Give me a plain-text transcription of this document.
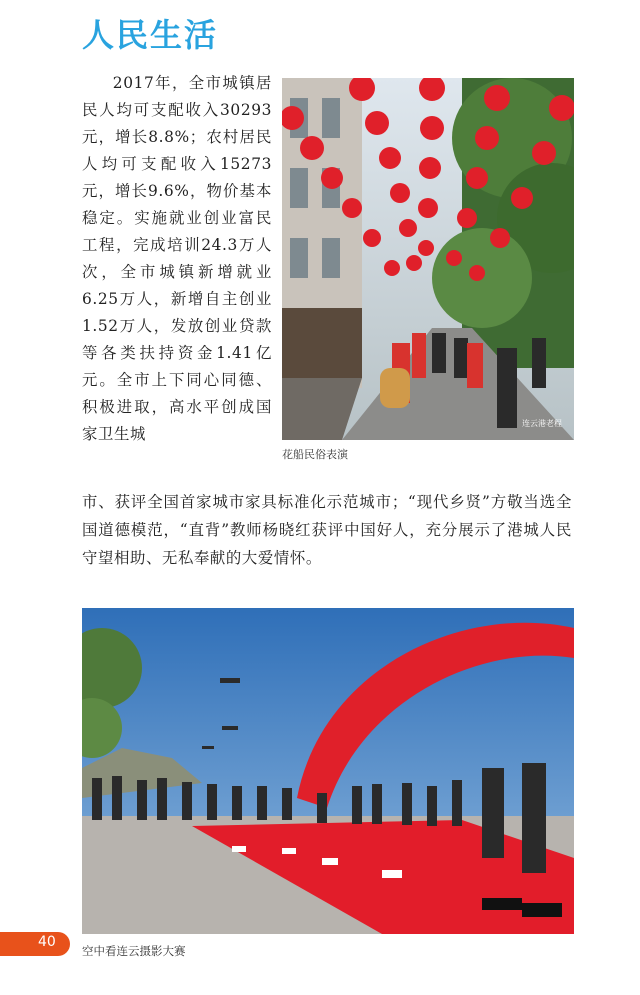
人民生活

2017年，全市城镇居民人均可支配收入30293元，增长8.8%；农村居民人均可支配收入15273元，增长9.6%，物价基本稳定。实施就业创业富民工程，完成培训24.3万人次，全市城镇新增就业6.25万人，新增自主创业1.52万人，发放创业贷款等各类扶持资金1.41亿元。全市上下同心同德、积极进取，高水平创成国家卫生城

连云港老程
花船民俗表演

市、获评全国首家城市家具标准化示范城市；“现代乡贤”方敬当选全国道德模范，“直背”教师杨晓红获评中国好人，充分展示了港城人民守望相助、无私奉献的大爱情怀。

40
空中看连云摄影大赛
